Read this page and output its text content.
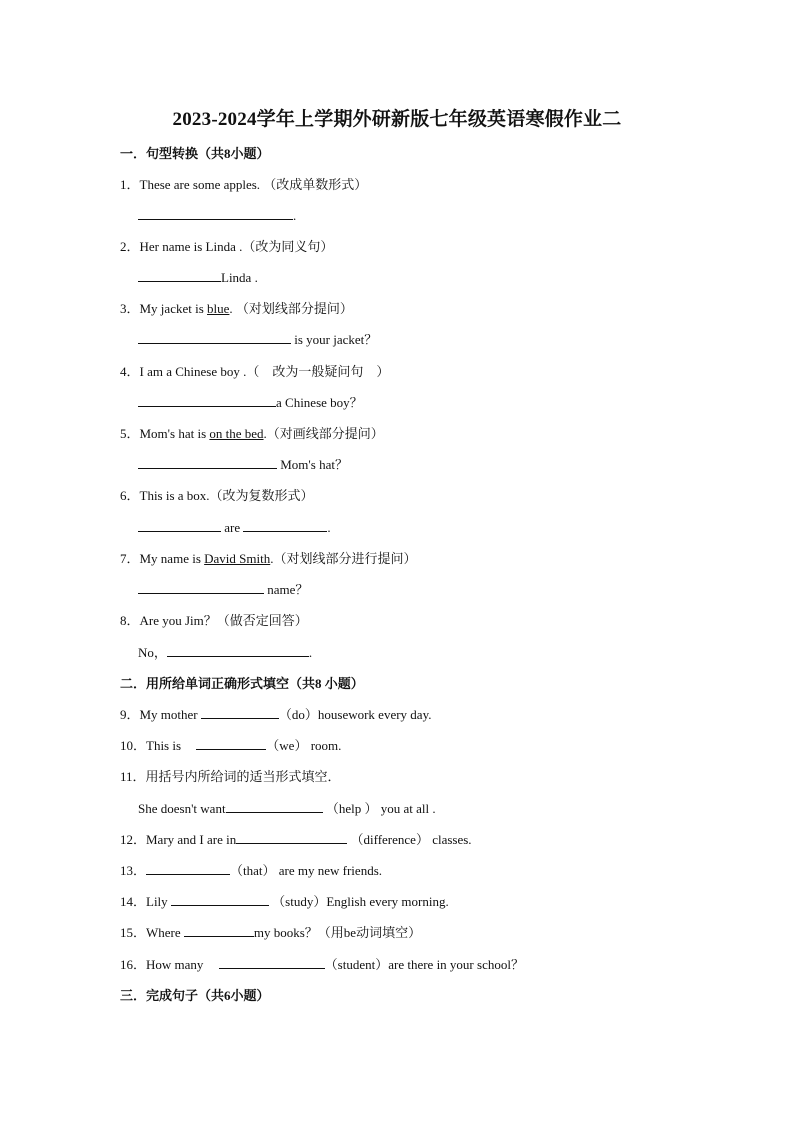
2023-2024学年上学期外研新版七年级英语寒假作业二
一．句型转换（共8小题）
1．These are some apples. （改成单数形式）
.
2．Her name is Linda .（改为同义句）
Linda .
3．My jacket is blue. （对划线部分提问）
is your jacket？
4．I am a Chinese boy .（　改为一般疑问句　）
a Chinese boy？
5．Mom's hat is on the bed.（对画线部分提问）
Mom's hat？
6．This is a box.（改为复数形式）
are	.
7．My name is David Smith.（对划线部分进行提问）
name？
8．Are you Jim？（做否定回答）
No，	.
二．用所给单词正确形式填空（共8 小题）
9．My mother	（do）housework every day.
10．This is	（we） room.
11．用括号内所给词的适当形式填空．
She doesn't want	（help ） you at all .
12．Mary and I are in	（difference） classes.
13．	（that） are my new friends.
14．Lily	（study）English every morning.
15．Where	my books？（用be动词填空）
16．How many	（student）are there in your school？
三．完成句子（共6小题）
